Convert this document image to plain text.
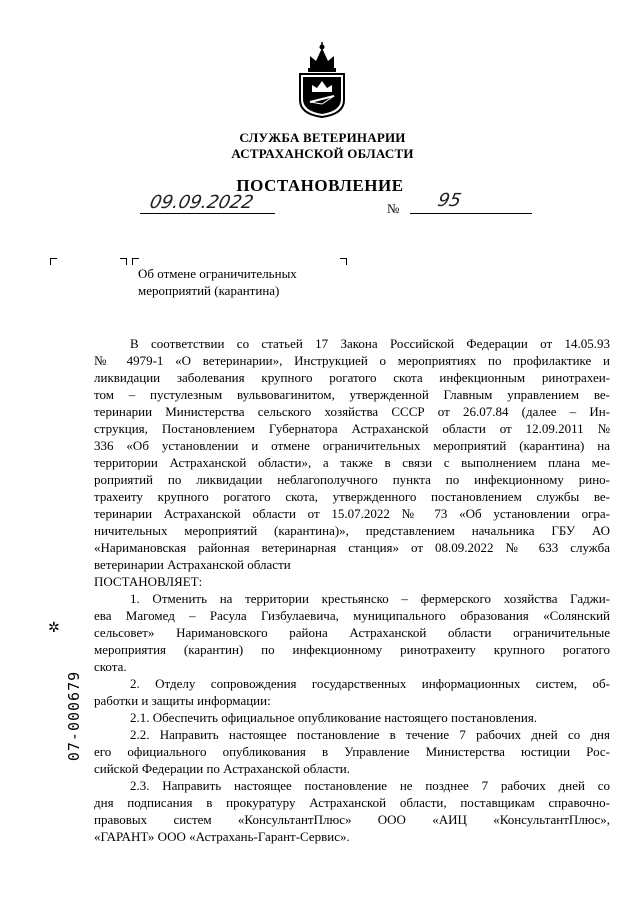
СЛУЖБА ВЕТЕРИНАРИИ
АСТРАХАНСКОЙ ОБЛАСТИ
ПОСТАНОВЛЕНИЕ
09.09.2022	№ 95
Об отмене ограничительных
мероприятий (карантина)
✲
07-000679
В соответствии со статьей 17 Закона Российской Федерации от 14.05.93
№ 4979-1 «О ветеринарии», Инструкцией о мероприятиях по профилактике и
ликвидации заболевания крупного рогатого скота инфекционным ринотрахеи-
том – пустулезным вульвовагинитом, утвержденной Главным управлением ве-
теринарии Министерства сельского хозяйства СССР от 26.07.84 (далее – Ин-
струкция, Постановлением Губернатора Астраханской области от 12.09.2011 №
336 «Об установлении и отмене ограничительных мероприятий (карантина) на
территории Астраханской области», а также в связи с выполнением плана ме-
роприятий по ликвидации неблагополучного пункта по инфекционному рино-
трахеиту крупного рогатого скота, утвержденного постановлением службы ве-
теринарии Астраханской области от 15.07.2022 № 73 «Об установлении огра-
ничительных мероприятий (карантина)», представлением начальника ГБУ АО
«Наримановская районная ветеринарная станция» от 08.09.2022 № 633 служба
ветеринарии Астраханской области
ПОСТАНОВЛЯЕТ:
1. Отменить на территории крестьянско – фермерского хозяйства Гаджи-
ева Магомед – Расула Гизбулаевича, муниципального образования «Солянский
сельсовет» Наримановского района Астраханской области ограничительные
мероприятия (карантин) по инфекционному ринотрахеиту крупного рогатого
скота.
2. Отделу сопровождения государственных информационных систем, об-
работки и защиты информации:
2.1. Обеспечить официальное опубликование настоящего постановления.
2.2. Направить настоящее постановление в течение 7 рабочих дней со дня
его официального опубликования в Управление Министерства юстиции Рос-
сийской Федерации по Астраханской области.
2.3. Направить настоящее постановление не позднее 7 рабочих дней со
дня подписания в прокуратуру Астраханской области, поставщикам справочно-
правовых систем «КонсультантПлюс» ООО «АИЦ «КонсультантПлюс»,
«ГАРАНТ» ООО «Астрахань-Гарант-Сервис».
